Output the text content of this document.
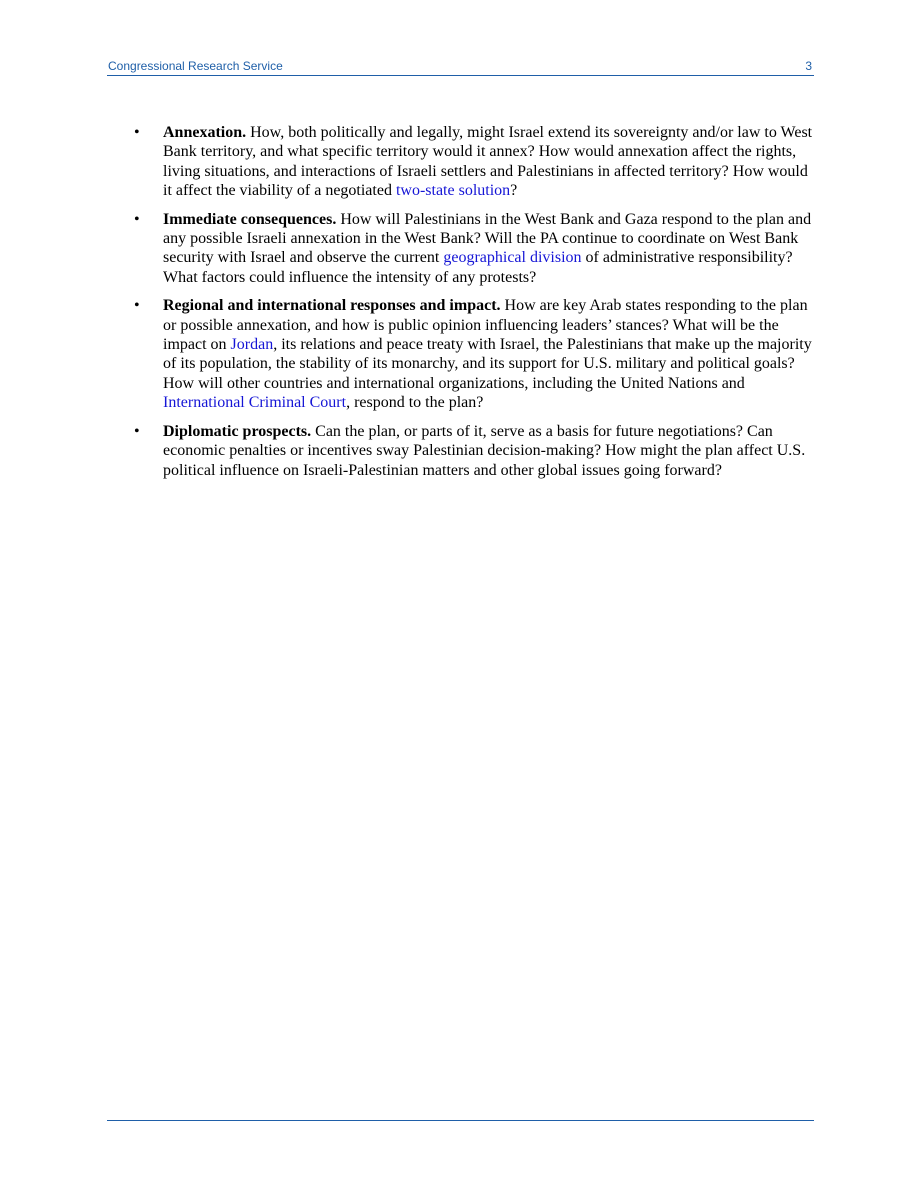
Congressional Research Service	3
• Annexation. How, both politically and legally, might Israel extend its sovereignty and/or law to West Bank territory, and what specific territory would it annex? How would annexation affect the rights, living situations, and interactions of Israeli settlers and Palestinians in affected territory? How would it affect the viability of a negotiated two-state solution?
• Immediate consequences. How will Palestinians in the West Bank and Gaza respond to the plan and any possible Israeli annexation in the West Bank? Will the PA continue to coordinate on West Bank security with Israel and observe the current geographical division of administrative responsibility? What factors could influence the intensity of any protests?
• Regional and international responses and impact. How are key Arab states responding to the plan or possible annexation, and how is public opinion influencing leaders’ stances? What will be the impact on Jordan, its relations and peace treaty with Israel, the Palestinians that make up the majority of its population, the stability of its monarchy, and its support for U.S. military and political goals? How will other countries and international organizations, including the United Nations and International Criminal Court, respond to the plan?
• Diplomatic prospects. Can the plan, or parts of it, serve as a basis for future negotiations? Can economic penalties or incentives sway Palestinian decision-making? How might the plan affect U.S. political influence on Israeli-Palestinian matters and other global issues going forward?
